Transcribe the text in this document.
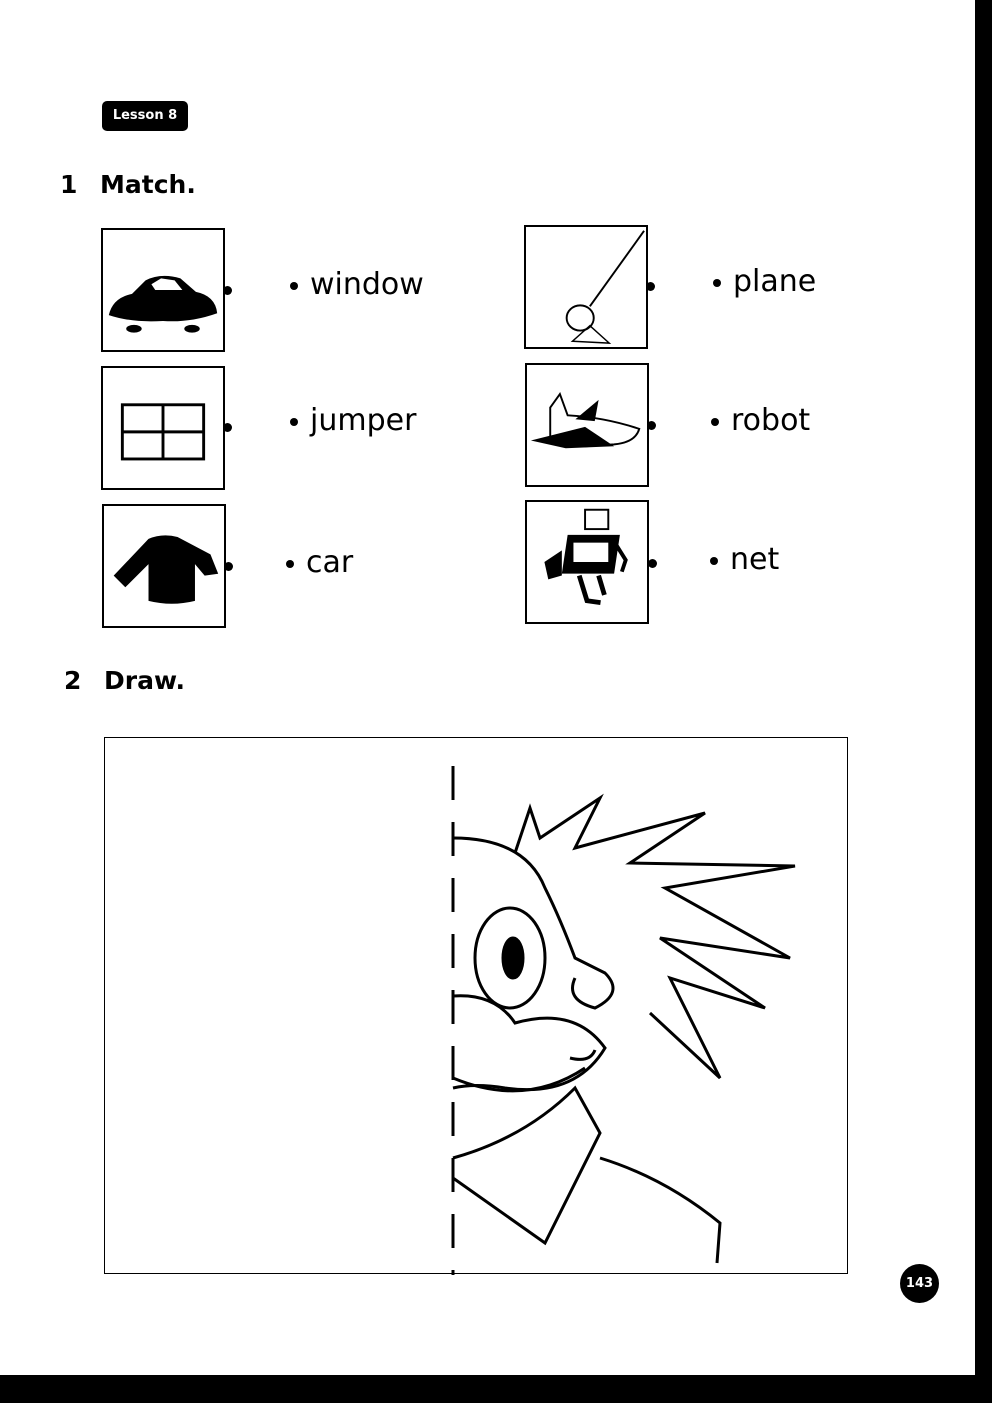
Lesson 8
1 Match.
window
jumper
car
plane
robot
net
2 Draw.
143
